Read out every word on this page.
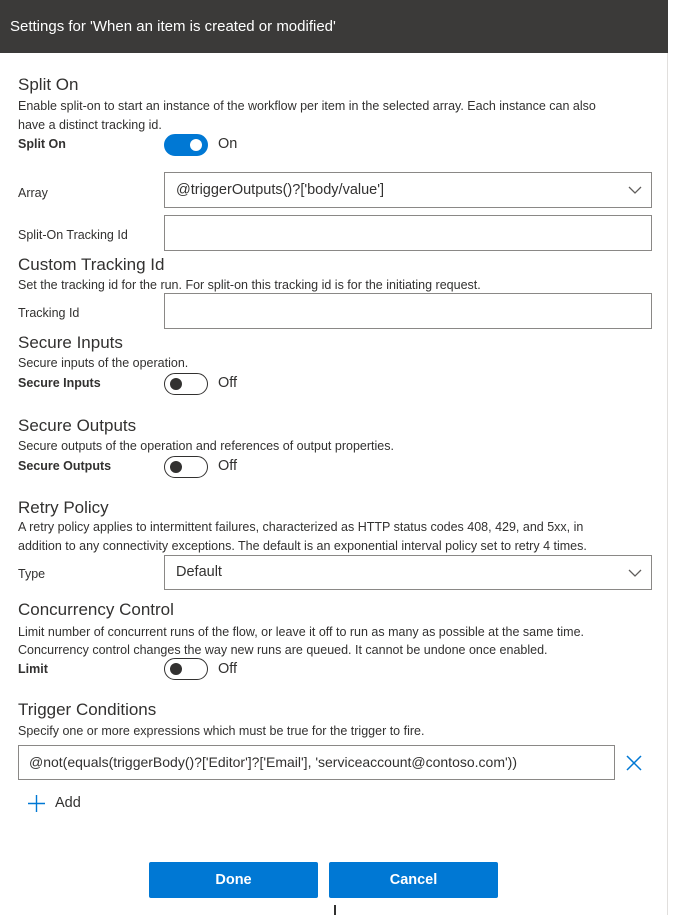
Settings for 'When an item is created or modified'
Split On
Enable split-on to start an instance of the workflow per item in the selected array. Each instance can also
have a distinct tracking id.
Split On	On
Array	@triggerOutputs()?['body/value']
Split-On Tracking Id
Custom Tracking Id
Set the tracking id for the run. For split-on this tracking id is for the initiating request.
Tracking Id
Secure Inputs
Secure inputs of the operation.
Secure Inputs	Off
Secure Outputs
Secure outputs of the operation and references of output properties.
Secure Outputs	Off
Retry Policy
A retry policy applies to intermittent failures, characterized as HTTP status codes 408, 429, and 5xx, in
addition to any connectivity exceptions. The default is an exponential interval policy set to retry 4 times.
Type	Default
Concurrency Control
Limit number of concurrent runs of the flow, or leave it off to run as many as possible at the same time.
Concurrency control changes the way new runs are queued. It cannot be undone once enabled.
Limit	Off
Trigger Conditions
Specify one or more expressions which must be true for the trigger to fire.
@not(equals(triggerBody()?['Editor']?['Email'], 'serviceaccount@contoso.com'))
Add
Done	Cancel
